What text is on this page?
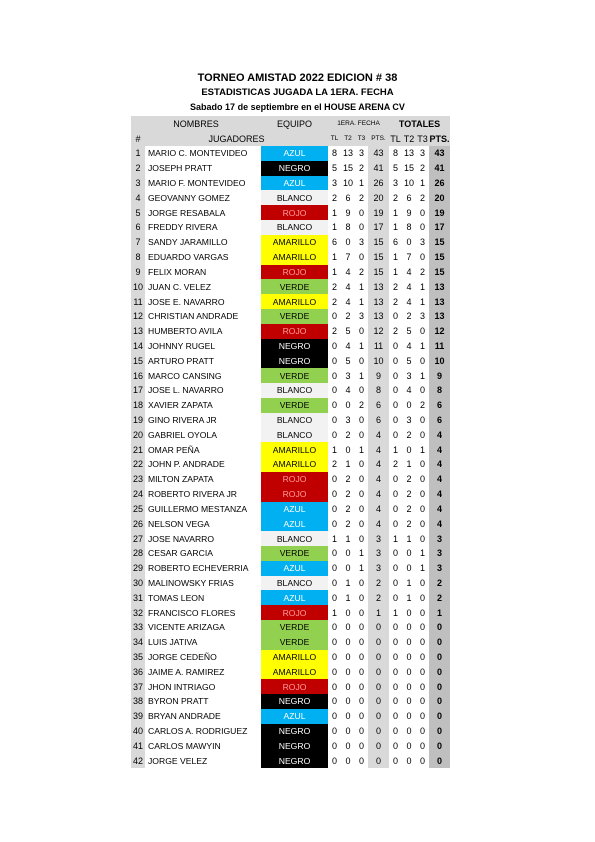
TORNEO AMISTAD 2022 EDICION # 38
ESTADISTICAS JUGADA LA 1ERA. FECHA
Sabado 17 de septiembre en el HOUSE ARENA CV
NOMBRES		EQUIPO	1ERA. FECHA				TOTALES			
#	JUGADORES		TL	T2	T3	PTS.	TL	T2	T3	PTS.
1	MARIO C. MONTEVIDEO	AZUL	8	13	3	43	8	13	3	43
2	JOSEPH PRATT	NEGRO	5	15	2	41	5	15	2	41
3	MARIO F. MONTEVIDEO	AZUL	3	10	1	26	3	10	1	26
4	GEOVANNY GOMEZ	BLANCO	2	6	2	20	2	6	2	20
5	JORGE RESABALA	ROJO	1	9	0	19	1	9	0	19
6	FREDDY RIVERA	BLANCO	1	8	0	17	1	8	0	17
7	SANDY JARAMILLO	AMARILLO	6	0	3	15	6	0	3	15
8	EDUARDO VARGAS	AMARILLO	1	7	0	15	1	7	0	15
9	FELIX MORAN	ROJO	1	4	2	15	1	4	2	15
10	JUAN C. VELEZ	VERDE	2	4	1	13	2	4	1	13
11	JOSE E. NAVARRO	AMARILLO	2	4	1	13	2	4	1	13
12	CHRISTIAN ANDRADE	VERDE	0	2	3	13	0	2	3	13
13	HUMBERTO AVILA	ROJO	2	5	0	12	2	5	0	12
14	JOHNNY RUGEL	NEGRO	0	4	1	11	0	4	1	11
15	ARTURO PRATT	NEGRO	0	5	0	10	0	5	0	10
16	MARCO CANSING	VERDE	0	3	1	9	0	3	1	9
17	JOSE L. NAVARRO	BLANCO	0	4	0	8	0	4	0	8
18	XAVIER ZAPATA	VERDE	0	0	2	6	0	0	2	6
19	GINO RIVERA JR	BLANCO	0	3	0	6	0	3	0	6
20	GABRIEL OYOLA	BLANCO	0	2	0	4	0	2	0	4
21	OMAR PEÑA	AMARILLO	1	0	1	4	1	0	1	4
22	JOHN P. ANDRADE	AMARILLO	2	1	0	4	2	1	0	4
23	MILTON ZAPATA	ROJO	0	2	0	4	0	2	0	4
24	ROBERTO RIVERA JR	ROJO	0	2	0	4	0	2	0	4
25	GUILLERMO MESTANZA	AZUL	0	2	0	4	0	2	0	4
26	NELSON VEGA	AZUL	0	2	0	4	0	2	0	4
27	JOSE NAVARRO	BLANCO	1	1	0	3	1	1	0	3
28	CESAR GARCIA	VERDE	0	0	1	3	0	0	1	3
29	ROBERTO ECHEVERRIA	AZUL	0	0	1	3	0	0	1	3
30	MALINOWSKY FRIAS	BLANCO	0	1	0	2	0	1	0	2
31	TOMAS LEON	AZUL	0	1	0	2	0	1	0	2
32	FRANCISCO FLORES	ROJO	1	0	0	1	1	0	0	1
33	VICENTE ARIZAGA	VERDE	0	0	0	0	0	0	0	0
34	LUIS JATIVA	VERDE	0	0	0	0	0	0	0	0
35	JORGE CEDEÑO	AMARILLO	0	0	0	0	0	0	0	0
36	JAIME A. RAMIREZ	AMARILLO	0	0	0	0	0	0	0	0
37	JHON INTRIAGO	ROJO	0	0	0	0	0	0	0	0
38	BYRON PRATT	NEGRO	0	0	0	0	0	0	0	0
39	BRYAN ANDRADE	AZUL	0	0	0	0	0	0	0	0
40	CARLOS A. RODRIGUEZ	NEGRO	0	0	0	0	0	0	0	0
41	CARLOS MAWYIN	NEGRO	0	0	0	0	0	0	0	0
42	JORGE VELEZ	NEGRO	0	0	0	0	0	0	0	0
